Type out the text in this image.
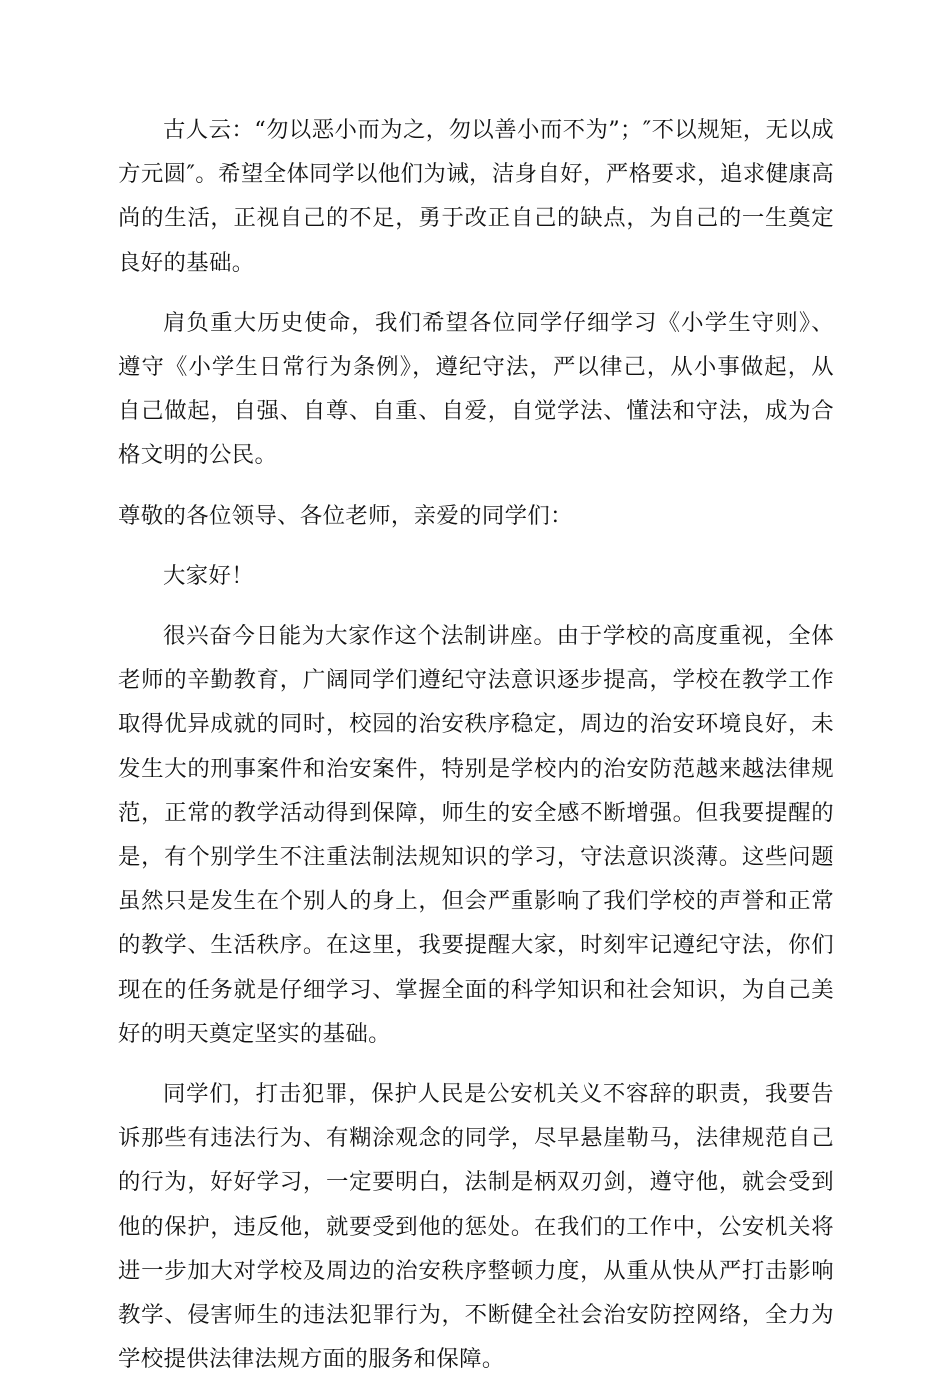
古人云：“勿以恶小而为之，勿以善小而不为”；″不以规矩，无以成方元圆″。希望全体同学以他们为诫，洁身自好，严格要求，追求健康高尚的生活，正视自己的不足，勇于改正自己的缺点，为自己的一生奠定良好的基础。

肩负重大历史使命，我们希望各位同学仔细学习《小学生守则》、遵守《小学生日常行为条例》，遵纪守法，严以律己，从小事做起，从自己做起，自强、自尊、自重、自爱，自觉学法、懂法和守法，成为合格文明的公民。

尊敬的各位领导、各位老师，亲爱的同学们：

大家好！

很兴奋今日能为大家作这个法制讲座。由于学校的高度重视，全体老师的辛勤教育，广阔同学们遵纪守法意识逐步提高，学校在教学工作取得优异成就的同时，校园的治安秩序稳定，周边的治安环境良好，未发生大的刑事案件和治安案件，特别是学校内的治安防范越来越法律规范，正常的教学活动得到保障，师生的安全感不断增强。但我要提醒的是，有个别学生不注重法制法规知识的学习，守法意识淡薄。这些问题虽然只是发生在个别人的身上，但会严重影响了我们学校的声誉和正常的教学、生活秩序。在这里，我要提醒大家，时刻牢记遵纪守法，你们现在的任务就是仔细学习、掌握全面的科学知识和社会知识，为自己美好的明天奠定坚实的基础。

同学们，打击犯罪，保护人民是公安机关义不容辞的职责，我要告诉那些有违法行为、有糊涂观念的同学，尽早悬崖勒马，法律规范自己的行为，好好学习，一定要明白，法制是柄双刃剑，遵守他，就会受到他的保护，违反他，就要受到他的惩处。在我们的工作中，公安机关将进一步加大对学校及周边的治安秩序整顿力度，从重从快从严打击影响教学、侵害师生的违法犯罪行为，不断健全社会治安防控网络，全力为学校提供法律法规方面的服务和保障。
